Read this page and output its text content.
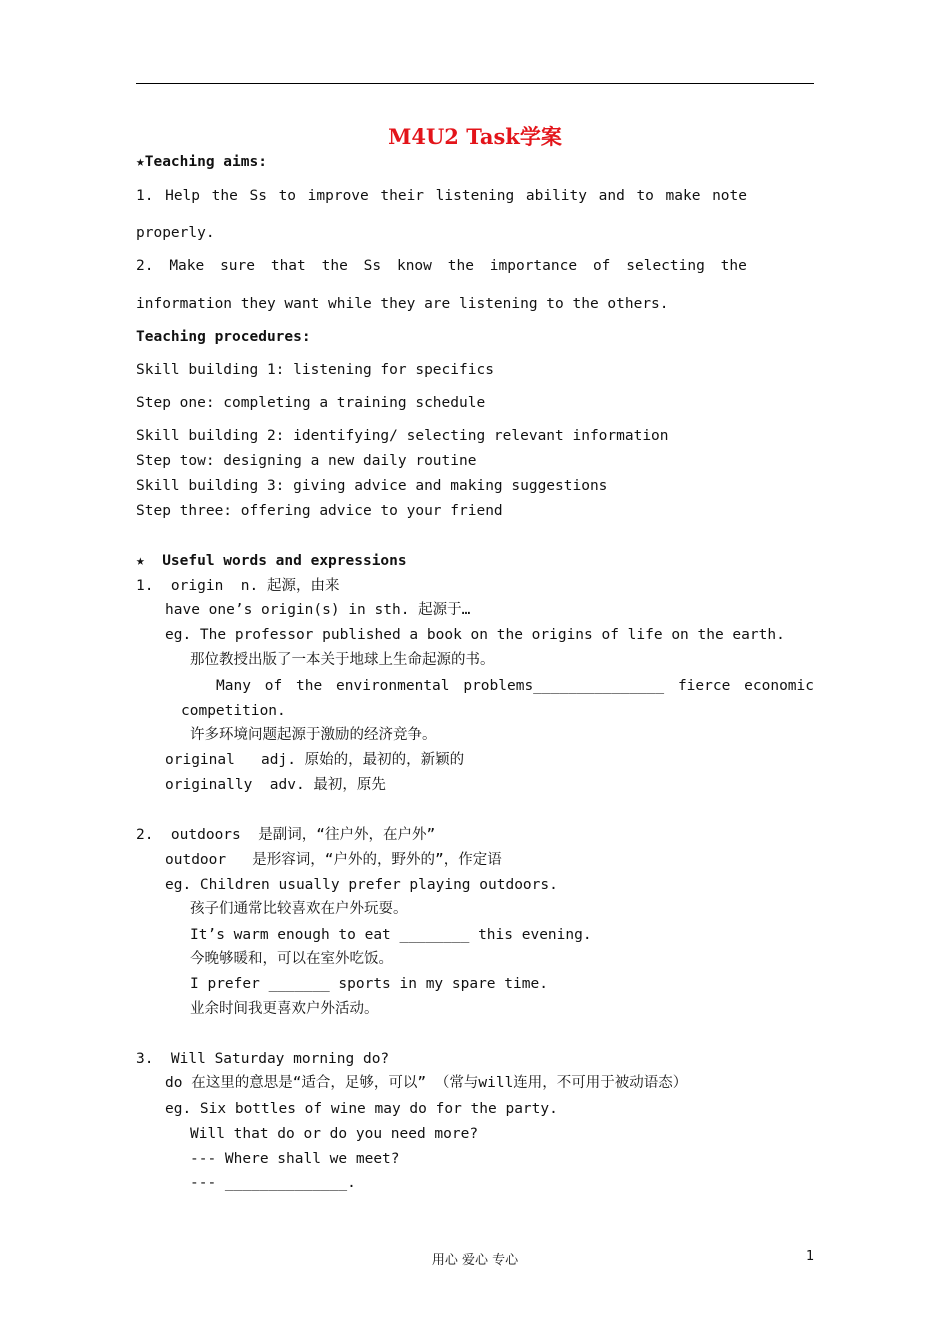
M4U2 Task学案
★Teaching aims:
1. Help the Ss to improve their listening ability and to make note
properly.
2. Make sure that the Ss know the importance of selecting the
information they want while they are listening to the others.
Teaching procedures:
Skill building 1: listening for specifics
Step one: completing a training schedule
Skill building 2: identifying/ selecting relevant information
Step tow: designing a new daily routine
Skill building 3: giving advice and making suggestions
Step three: offering advice to your friend
★  Useful words and expressions
1.  origin  n. 起源，由来
have one’s origin(s) in sth. 起源于…
eg. The professor published a book on the origins of life on the earth.
那位教授出版了一本关于地球上生命起源的书。
Many of the environmental problems_______________ fierce economic
competition.
许多环境问题起源于激励的经济竞争。
original   adj. 原始的，最初的，新颖的
originally  adv. 最初，原先
2.  outdoors  是副词，“往户外，在户外”
outdoor   是形容词，“户外的，野外的”，作定语
eg. Children usually prefer playing outdoors.
孩子们通常比较喜欢在户外玩耍。
It’s warm enough to eat ________ this evening.
今晚够暖和，可以在室外吃饭。
I prefer _______ sports in my spare time.
业余时间我更喜欢户外活动。
3.  Will Saturday morning do?
do 在这里的意思是“适合，足够，可以” （常与will连用，不可用于被动语态）
eg. Six bottles of wine may do for the party.
Will that do or do you need more?
--- Where shall we meet?
--- ______________.
用心 爱心 专心	1
